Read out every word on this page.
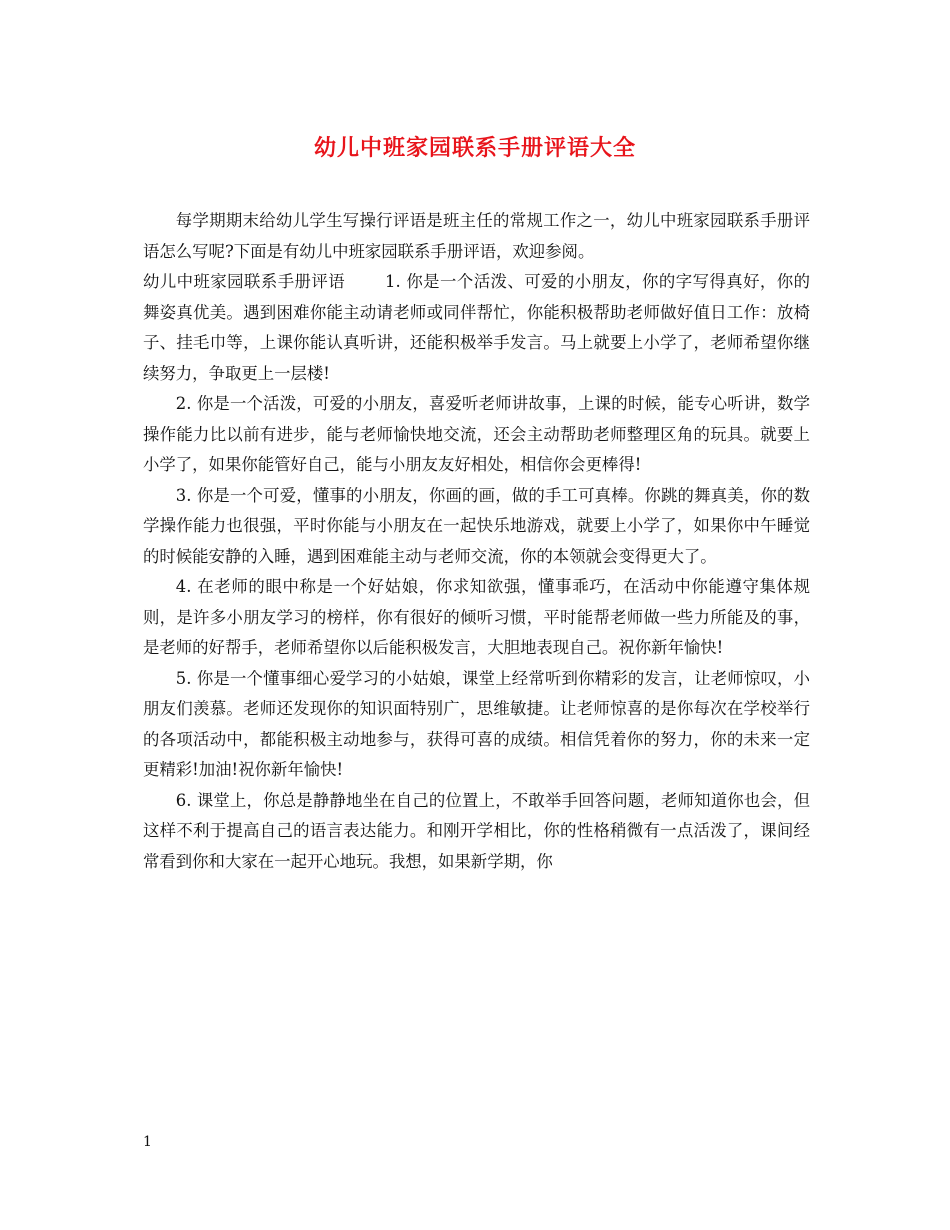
幼儿中班家园联系手册评语大全

每学期期末给幼儿学生写操行评语是班主任的常规工作之一，幼儿中班家园联系手册评语怎么写呢?下面是有幼儿中班家园联系手册评语，欢迎参阅。

幼儿中班家园联系手册评语 1. 你是一个活泼、可爱的小朋友，你的字写得真好，你的舞姿真优美。遇到困难你能主动请老师或同伴帮忙，你能积极帮助老师做好值日工作：放椅子、挂毛巾等，上课你能认真听讲，还能积极举手发言。马上就要上小学了，老师希望你继续努力，争取更上一层楼!

2. 你是一个活泼，可爱的小朋友，喜爱听老师讲故事，上课的时候，能专心听讲，数学操作能力比以前有进步，能与老师愉快地交流，还会主动帮助老师整理区角的玩具。就要上小学了，如果你能管好自己，能与小朋友友好相处，相信你会更棒得!

3. 你是一个可爱，懂事的小朋友，你画的画，做的手工可真棒。你跳的舞真美，你的数学操作能力也很强，平时你能与小朋友在一起快乐地游戏，就要上小学了，如果你中午睡觉的时候能安静的入睡，遇到困难能主动与老师交流，你的本领就会变得更大了。

4. 在老师的眼中称是一个好姑娘，你求知欲强，懂事乖巧，在活动中你能遵守集体规则，是许多小朋友学习的榜样，你有很好的倾听习惯，平时能帮老师做一些力所能及的事，是老师的好帮手，老师希望你以后能积极发言，大胆地表现自己。祝你新年愉快!

5. 你是一个懂事细心爱学习的小姑娘，课堂上经常听到你精彩的发言，让老师惊叹，小朋友们羡慕。老师还发现你的知识面特别广，思维敏捷。让老师惊喜的是你每次在学校举行的各项活动中，都能积极主动地参与，获得可喜的成绩。相信凭着你的努力，你的未来一定更精彩!加油!祝你新年愉快!

6. 课堂上，你总是静静地坐在自己的位置上，不敢举手回答问题，老师知道你也会，但这样不利于提高自己的语言表达能力。和刚开学相比，你的性格稍微有一点活泼了，课间经常看到你和大家在一起开心地玩。我想，如果新学期，你

1
